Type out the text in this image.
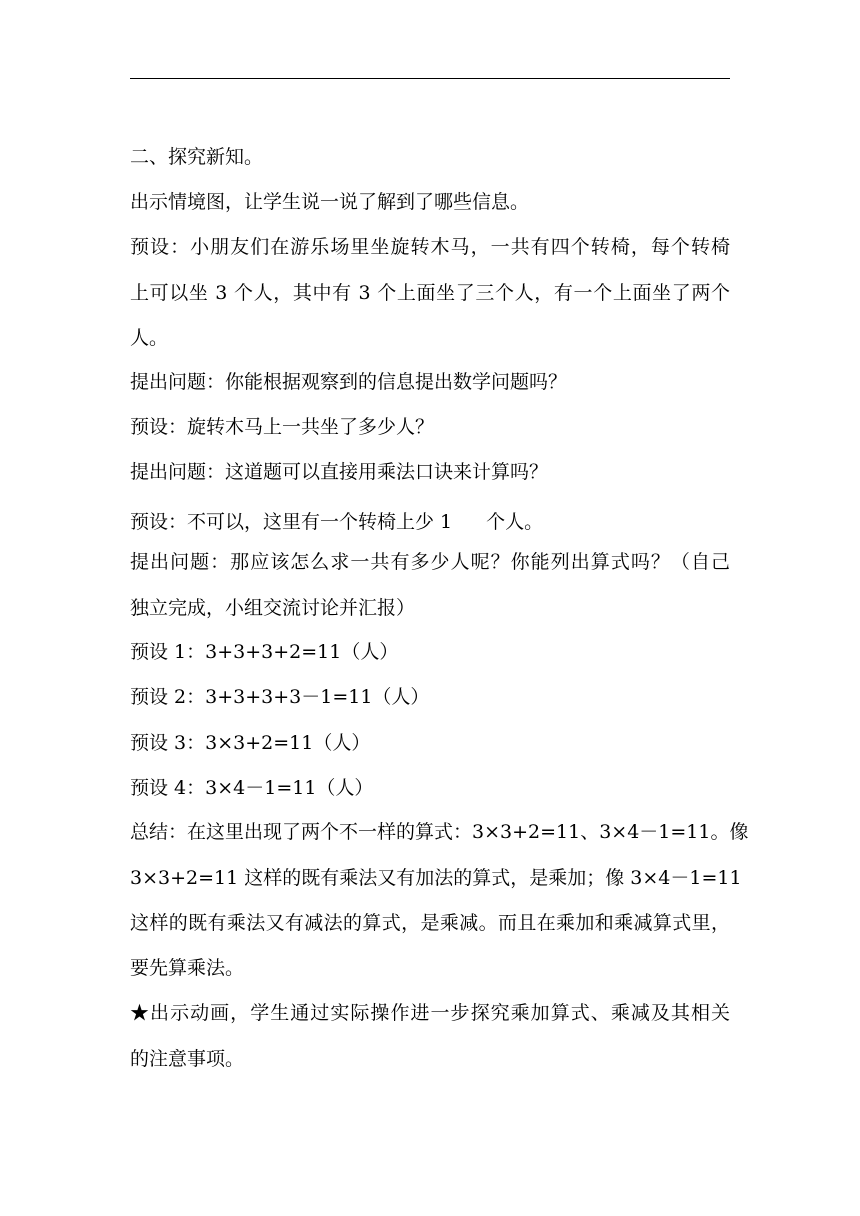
二、探究新知。
出示情境图，让学生说一说了解到了哪些信息。
预设：小朋友们在游乐场里坐旋转木马，一共有四个转椅，每个转椅
上可以坐 3 个人，其中有 3 个上面坐了三个人，有一个上面坐了两个
人。
提出问题：你能根据观察到的信息提出数学问题吗？
预设：旋转木马上一共坐了多少人？
提出问题：这道题可以直接用乘法口诀来计算吗？
预设：不可以，这里有一个转椅上少 1 个人。
提出问题：那应该怎么求一共有多少人呢？你能列出算式吗？（自己
独立完成，小组交流讨论并汇报）
预设 1：3+3+3+2=11（人）
预设 2：3+3+3+3－1=11（人）
预设 3：3×3+2=11（人）
预设 4：3×4－1=11（人）
总结：在这里出现了两个不一样的算式：3×3+2=11、3×4－1=11。像
3×3+2=11 这样的既有乘法又有加法的算式，是乘加；像 3×4－1=11
这样的既有乘法又有减法的算式，是乘减。而且在乘加和乘减算式里，
要先算乘法。
★出示动画，学生通过实际操作进一步探究乘加算式、乘减及其相关
的注意事项。
